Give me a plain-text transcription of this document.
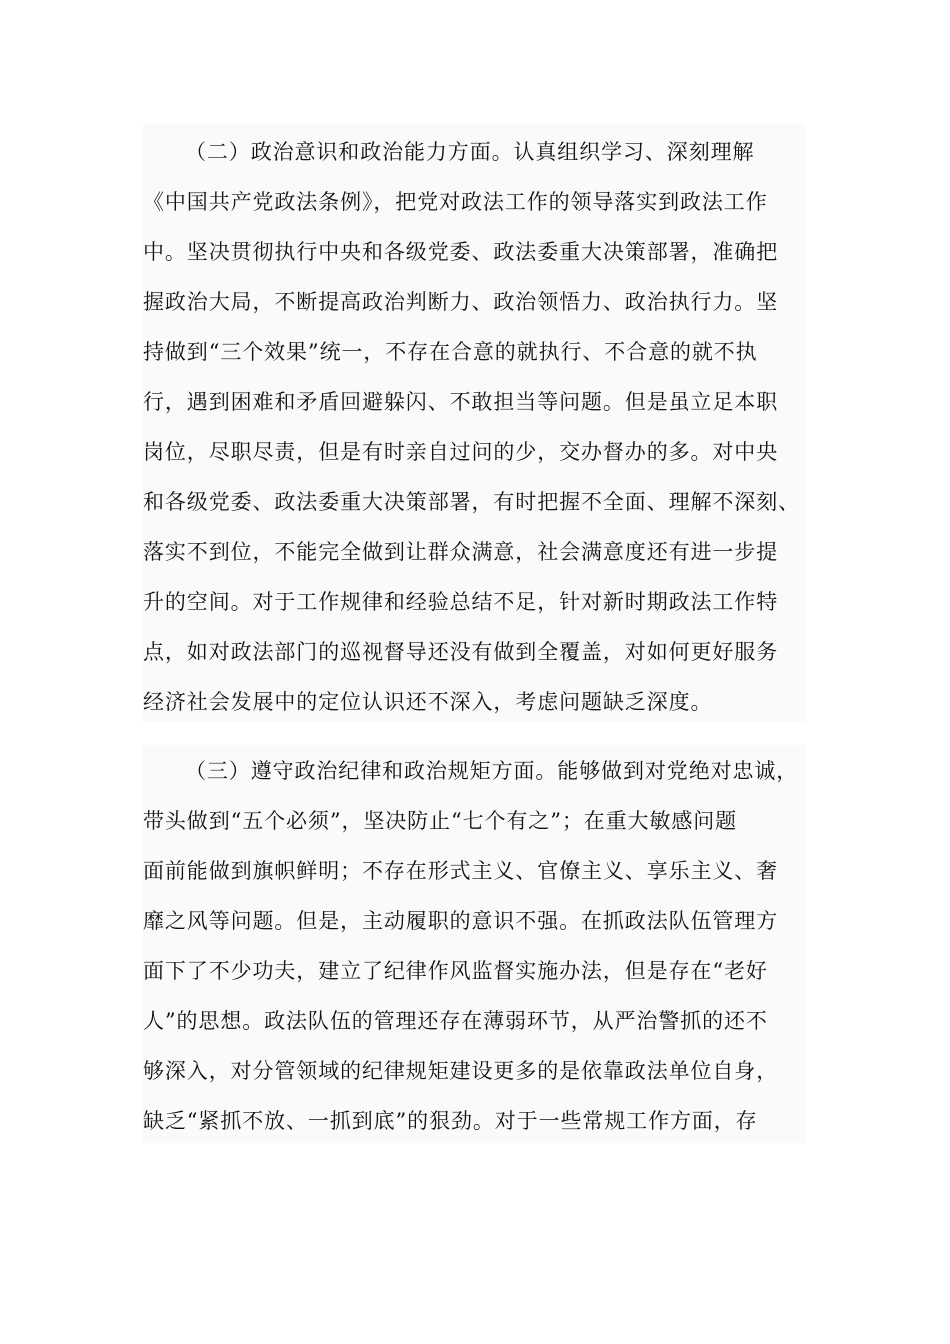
（二）政治意识和政治能力方面。认真组织学习、深刻理解
《中国共产党政法条例》，把党对政法工作的领导落实到政法工作
中。坚决贯彻执行中央和各级党委、政法委重大决策部署，准确把
握政治大局，不断提高政治判断力、政治领悟力、政治执行力。坚
持做到“三个效果”统一，不存在合意的就执行、不合意的就不执
行，遇到困难和矛盾回避躲闪、不敢担当等问题。但是虽立足本职
岗位，尽职尽责，但是有时亲自过问的少，交办督办的多。对中央
和各级党委、政法委重大决策部署，有时把握不全面、理解不深刻、
落实不到位，不能完全做到让群众满意，社会满意度还有进一步提
升的空间。对于工作规律和经验总结不足，针对新时期政法工作特
点，如对政法部门的巡视督导还没有做到全覆盖，对如何更好服务
经济社会发展中的定位认识还不深入，考虑问题缺乏深度。
（三）遵守政治纪律和政治规矩方面。能够做到对党绝对忠诚，
带头做到“五个必须”，坚决防止“七个有之”；在重大敏感问题
面前能做到旗帜鲜明；不存在形式主义、官僚主义、享乐主义、奢
靡之风等问题。但是，主动履职的意识不强。在抓政法队伍管理方
面下了不少功夫，建立了纪律作风监督实施办法，但是存在“老好
人”的思想。政法队伍的管理还存在薄弱环节，从严治警抓的还不
够深入，对分管领域的纪律规矩建设更多的是依靠政法单位自身，
缺乏“紧抓不放、一抓到底”的狠劲。对于一些常规工作方面，存
